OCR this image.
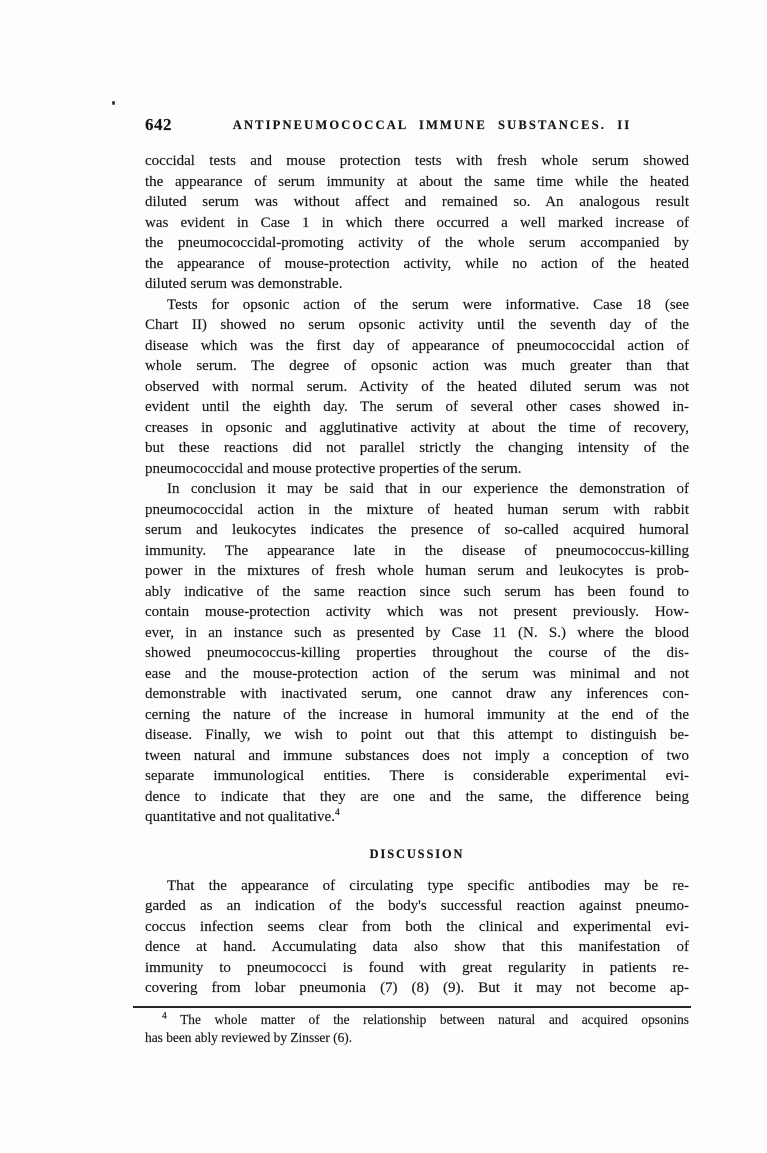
642	ANTIPNEUMOCOCCAL IMMUNE SUBSTANCES. II
coccidal tests and mouse protection tests with fresh whole serum showed
the appearance of serum immunity at about the same time while the heated
diluted serum was without affect and remained so. An analogous result
was evident in Case 1 in which there occurred a well marked increase of
the pneumococcidal-promoting activity of the whole serum accompanied by
the appearance of mouse-protection activity, while no action of the heated
diluted serum was demonstrable.
Tests for opsonic action of the serum were informative. Case 18 (see
Chart II) showed no serum opsonic activity until the seventh day of the
disease which was the first day of appearance of pneumococcidal action of
whole serum. The degree of opsonic action was much greater than that
observed with normal serum. Activity of the heated diluted serum was not
evident until the eighth day. The serum of several other cases showed in-
creases in opsonic and agglutinative activity at about the time of recovery,
but these reactions did not parallel strictly the changing intensity of the
pneumococcidal and mouse protective properties of the serum.
In conclusion it may be said that in our experience the demonstration of
pneumococcidal action in the mixture of heated human serum with rabbit
serum and leukocytes indicates the presence of so-called acquired humoral
immunity. The appearance late in the disease of pneumococcus-killing
power in the mixtures of fresh whole human serum and leukocytes is prob-
ably indicative of the same reaction since such serum has been found to
contain mouse-protection activity which was not present previously. How-
ever, in an instance such as presented by Case 11 (N. S.) where the blood
showed pneumococcus-killing properties throughout the course of the dis-
ease and the mouse-protection action of the serum was minimal and not
demonstrable with inactivated serum, one cannot draw any inferences con-
cerning the nature of the increase in humoral immunity at the end of the
disease. Finally, we wish to point out that this attempt to distinguish be-
tween natural and immune substances does not imply a conception of two
separate immunological entities. There is considerable experimental evi-
dence to indicate that they are one and the same, the difference being
quantitative and not qualitative.$^4$
DISCUSSION
That the appearance of circulating type specific antibodies may be re-
garded as an indication of the body's successful reaction against pneumo-
coccus infection seems clear from both the clinical and experimental evi-
dence at hand. Accumulating data also show that this manifestation of
immunity to pneumococci is found with great regularity in patients re-
covering from lobar pneumonia (7) (8) (9). But it may not become ap-
$^4$ The whole matter of the relationship between natural and acquired opsonins
has been ably reviewed by Zinsser (6).
